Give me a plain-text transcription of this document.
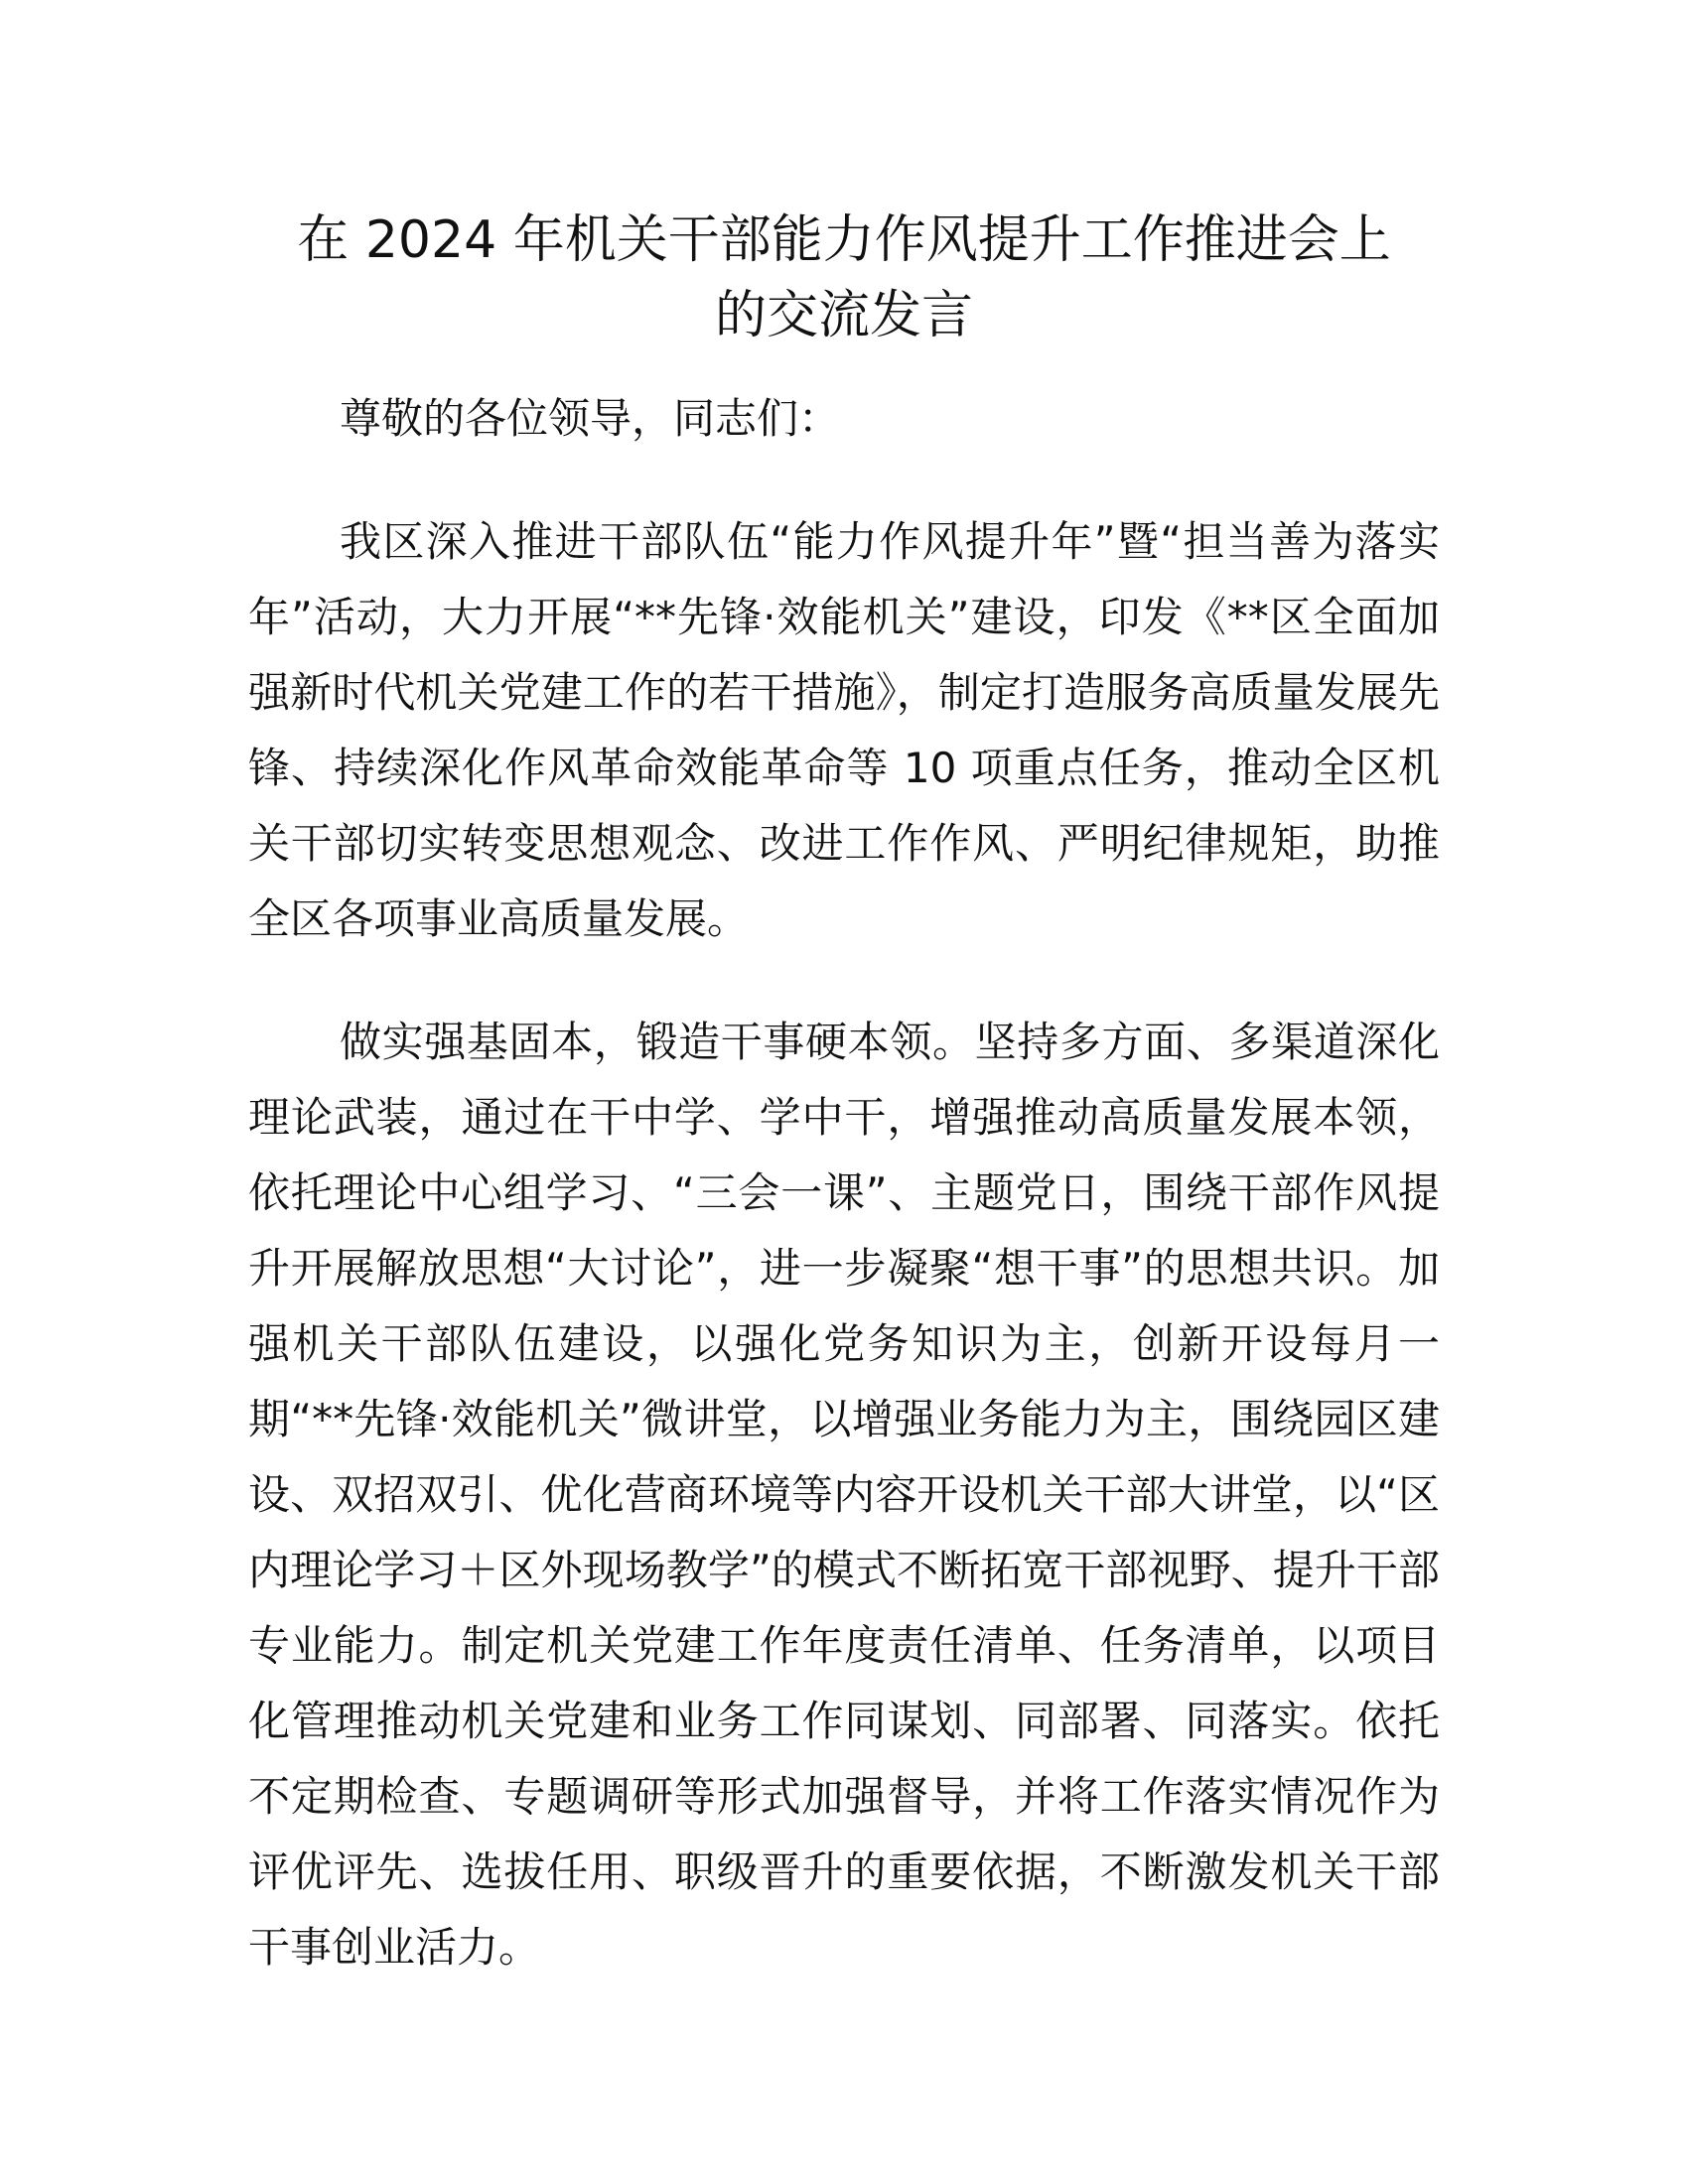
在 2024 年机关干部能力作风提升工作推进会上
的交流发言

尊敬的各位领导，同志们：

我区深入推进干部队伍“能力作风提升年”暨“担当善为落实年”活动，大力开展“**先锋·效能机关”建设，印发《**区全面加强新时代机关党建工作的若干措施》，制定打造服务高质量发展先锋、持续深化作风革命效能革命等 10 项重点任务，推动全区机关干部切实转变思想观念、改进工作作风、严明纪律规矩，助推全区各项事业高质量发展。

做实强基固本，锻造干事硬本领。坚持多方面、多渠道深化理论武装，通过在干中学、学中干，增强推动高质量发展本领，依托理论中心组学习、“三会一课”、主题党日，围绕干部作风提升开展解放思想“大讨论”，进一步凝聚“想干事”的思想共识。加强机关干部队伍建设，以强化党务知识为主，创新开设每月一期“**先锋·效能机关”微讲堂，以增强业务能力为主，围绕园区建设、双招双引、优化营商环境等内容开设机关干部大讲堂，以“区内理论学习＋区外现场教学”的模式不断拓宽干部视野、提升干部专业能力。制定机关党建工作年度责任清单、任务清单，以项目化管理推动机关党建和业务工作同谋划、同部署、同落实。依托不定期检查、专题调研等形式加强督导，并将工作落实情况作为评优评先、选拔任用、职级晋升的重要依据，不断激发机关干部干事创业活力。
